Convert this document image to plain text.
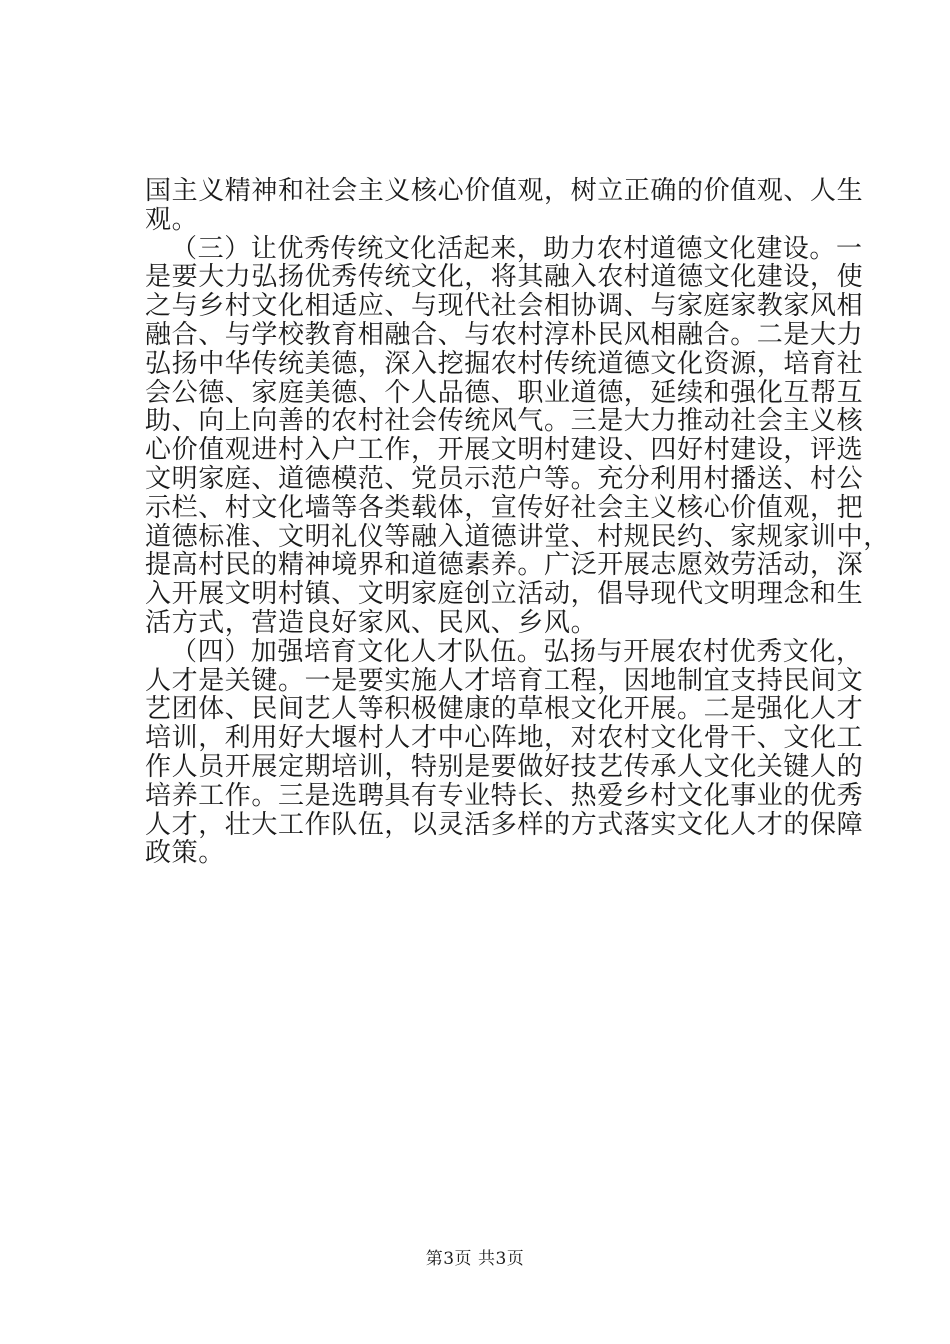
国主义精神和社会主义核心价值观，树立正确的价值观、人生
观。
（三）让优秀传统文化活起来，助力农村道德文化建设。一
是要大力弘扬优秀传统文化，将其融入农村道德文化建设，使
之与乡村文化相适应、与现代社会相协调、与家庭家教家风相
融合、与学校教育相融合、与农村淳朴民风相融合。二是大力
弘扬中华传统美德，深入挖掘农村传统道德文化资源，培育社
会公德、家庭美德、个人品德、职业道德，延续和强化互帮互
助、向上向善的农村社会传统风气。三是大力推动社会主义核
心价值观进村入户工作，开展文明村建设、四好村建设，评选
文明家庭、道德模范、党员示范户等。充分利用村播送、村公
示栏、村文化墙等各类载体，宣传好社会主义核心价值观，把
道德标准、文明礼仪等融入道德讲堂、村规民约、家规家训中，
提高村民的精神境界和道德素养。广泛开展志愿效劳活动，深
入开展文明村镇、文明家庭创立活动，倡导现代文明理念和生
活方式，营造良好家风、民风、乡风。
（四）加强培育文化人才队伍。弘扬与开展农村优秀文化，
人才是关键。一是要实施人才培育工程，因地制宜支持民间文
艺团体、民间艺人等积极健康的草根文化开展。二是强化人才
培训，利用好大堰村人才中心阵地，对农村文化骨干、文化工
作人员开展定期培训，特别是要做好技艺传承人文化关键人的
培养工作。三是选聘具有专业特长、热爱乡村文化事业的优秀
人才，壮大工作队伍，以灵活多样的方式落实文化人才的保障
政策。
第3页 共3页
